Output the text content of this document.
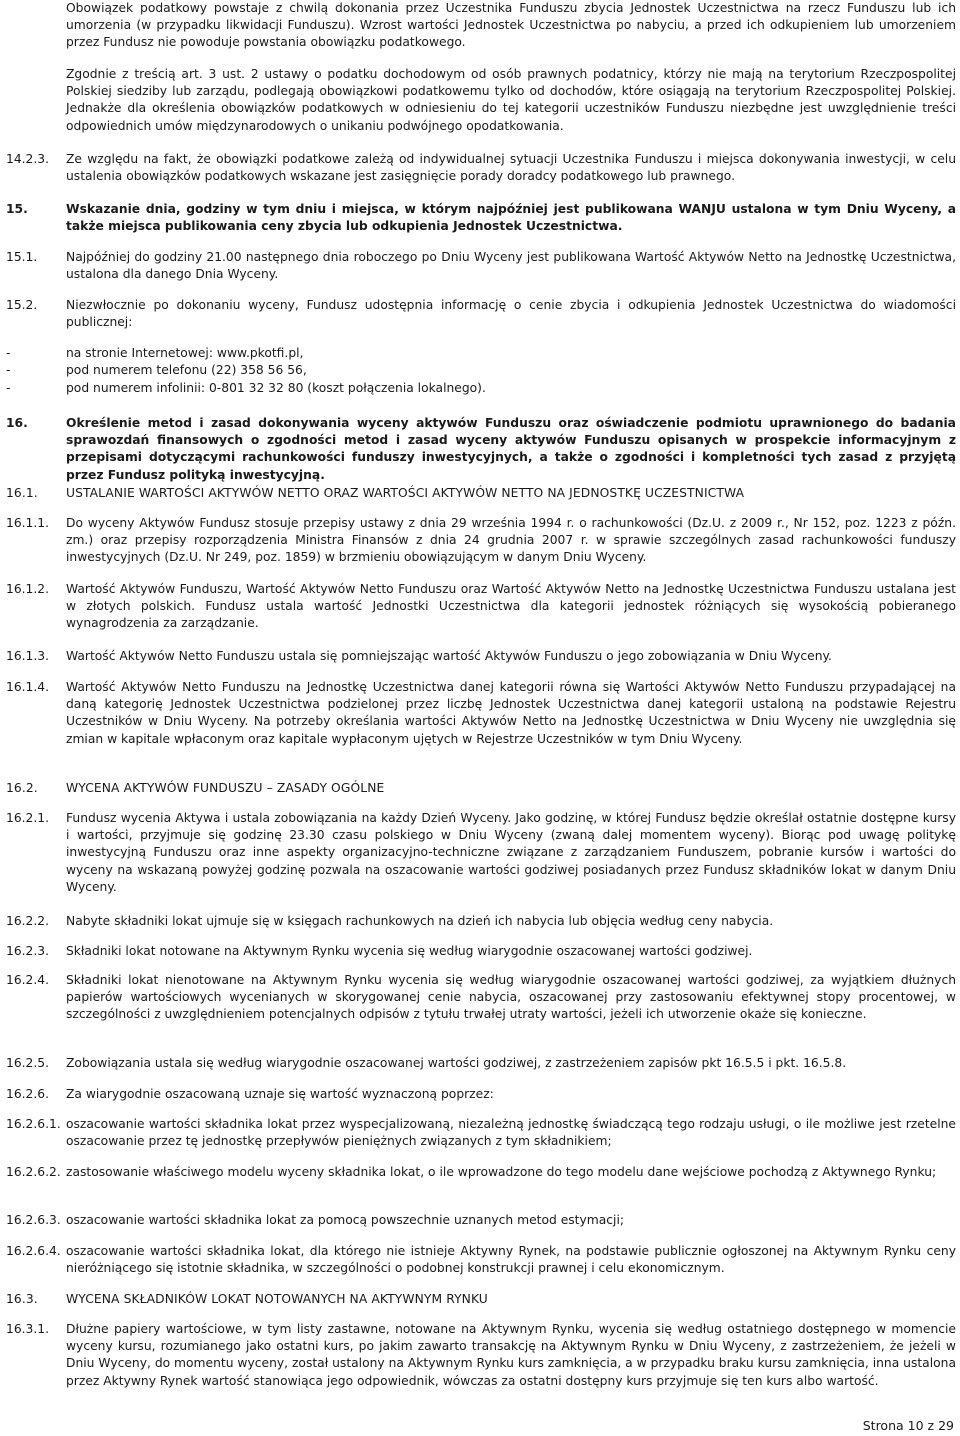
Obowiązek podatkowy powstaje z chwilą dokonania przez Uczestnika Funduszu zbycia Jednostek Uczestnictwa na rzecz Funduszu lub ich umorzenia (w przypadku likwidacji Funduszu). Wzrost wartości Jednostek Uczestnictwa po nabyciu, a przed ich odkupieniem lub umorzeniem przez Fundusz nie powoduje powstania obowiązku podatkowego.
Zgodnie z treścią art. 3 ust. 2 ustawy o podatku dochodowym od osób prawnych podatnicy, którzy nie mają na terytorium Rzeczpospolitej Polskiej siedziby lub zarządu, podlegają obowiązkowi podatkowemu tylko od dochodów, które osiągają na terytorium Rzeczpospolitej Polskiej. Jednakże dla określenia obowiązków podatkowych w odniesieniu do tej kategorii uczestników Funduszu niezbędne jest uwzględnienie treści odpowiednich umów międzynarodowych o unikaniu podwójnego opodatkowania.
14.2.3. Ze względu na fakt, że obowiązki podatkowe zależą od indywidualnej sytuacji Uczestnika Funduszu i miejsca dokonywania inwestycji, w celu ustalenia obowiązków podatkowych wskazane jest zasięgnięcie porady doradcy podatkowego lub prawnego.
15.	Wskazanie dnia, godziny w tym dniu i miejsca, w którym najpóźniej jest publikowana WANJU ustalona w tym Dniu Wyceny, a także miejsca publikowania ceny zbycia lub odkupienia Jednostek Uczestnictwa.
15.1. Najpóźniej do godziny 21.00 następnego dnia roboczego po Dniu Wyceny jest publikowana Wartość Aktywów Netto na Jednostkę Uczestnictwa, ustalona dla danego Dnia Wyceny.
15.2. Niezwłocznie po dokonaniu wyceny, Fundusz udostępnia informację o cenie zbycia i odkupienia Jednostek Uczestnictwa do wiadomości publicznej:
-	na stronie Internetowej: www.pkotfi.pl,
-	pod numerem telefonu (22) 358 56 56,
-	pod numerem infolinii: 0-801 32 32 80 (koszt połączenia lokalnego).
16.	Określenie metod i zasad dokonywania wyceny aktywów Funduszu oraz oświadczenie podmiotu uprawnionego do badania sprawozdań finansowych o zgodności metod i zasad wyceny aktywów Funduszu opisanych w prospekcie informacyjnym z przepisami dotyczącymi rachunkowości funduszy inwestycyjnych, a także o zgodności i kompletności tych zasad z przyjętą przez Fundusz polityką inwestycyjną.
16.1. USTALANIE WARTOŚCI AKTYWÓW NETTO ORAZ WARTOŚCI AKTYWÓW NETTO NA JEDNOSTKĘ UCZESTNICTWA
16.1.1. Do wyceny Aktywów Fundusz stosuje przepisy ustawy z dnia 29 września 1994 r. o rachunkowości (Dz.U. z 2009 r., Nr 152, poz. 1223 z późn. zm.) oraz przepisy rozporządzenia Ministra Finansów z dnia 24 grudnia 2007 r. w sprawie szczególnych zasad rachunkowości funduszy inwestycyjnych (Dz.U. Nr 249, poz. 1859) w brzmieniu obowiązującym w danym Dniu Wyceny.
16.1.2. Wartość Aktywów Funduszu, Wartość Aktywów Netto Funduszu oraz Wartość Aktywów Netto na Jednostkę Uczestnictwa Funduszu ustalana jest w złotych polskich. Fundusz ustala wartość Jednostki Uczestnictwa dla kategorii jednostek różniących się wysokością pobieranego wynagrodzenia za zarządzanie.
16.1.3. Wartość Aktywów Netto Funduszu ustala się pomniejszając wartość Aktywów Funduszu o jego zobowiązania w Dniu Wyceny.
16.1.4. Wartość Aktywów Netto Funduszu na Jednostkę Uczestnictwa danej kategorii równa się Wartości Aktywów Netto Funduszu przypadającej na daną kategorię Jednostek Uczestnictwa podzielonej przez liczbę Jednostek Uczestnictwa danej kategorii ustaloną na podstawie Rejestru Uczestników w Dniu Wyceny. Na potrzeby określania wartości Aktywów Netto na Jednostkę Uczestnictwa w Dniu Wyceny nie uwzględnia się zmian w kapitale wpłaconym oraz kapitale wypłaconym ujętych w Rejestrze Uczestników w tym Dniu Wyceny.
16.2. WYCENA AKTYWÓW FUNDUSZU – ZASADY OGÓLNE
16.2.1. Fundusz wycenia Aktywa i ustala zobowiązania na każdy Dzień Wyceny. Jako godzinę, w której Fundusz będzie określał ostatnie dostępne kursy i wartości, przyjmuje się godzinę 23.30 czasu polskiego w Dniu Wyceny (zwaną dalej momentem wyceny). Biorąc pod uwagę politykę inwestycyjną Funduszu oraz inne aspekty organizacyjno-techniczne związane z zarządzaniem Funduszem, pobranie kursów i wartości do wyceny na wskazaną powyżej godzinę pozwala na oszacowanie wartości godziwej posiadanych przez Fundusz składników lokat w danym Dniu Wyceny.
16.2.2. Nabyte składniki lokat ujmuje się w księgach rachunkowych na dzień ich nabycia lub objęcia według ceny nabycia.
16.2.3. Składniki lokat notowane na Aktywnym Rynku wycenia się według wiarygodnie oszacowanej wartości godziwej.
16.2.4. Składniki lokat nienotowane na Aktywnym Rynku wycenia się według wiarygodnie oszacowanej wartości godziwej, za wyjątkiem dłużnych papierów wartościowych wycenianych w skorygowanej cenie nabycia, oszacowanej przy zastosowaniu efektywnej stopy procentowej, w szczególności z uwzględnieniem potencjalnych odpisów z tytułu trwałej utraty wartości, jeżeli ich utworzenie okaże się konieczne.
16.2.5. Zobowiązania ustala się według wiarygodnie oszacowanej wartości godziwej, z zastrzeżeniem zapisów pkt 16.5.5 i pkt. 16.5.8.
16.2.6. Za wiarygodnie oszacowaną uznaje się wartość wyznaczoną poprzez:
16.2.6.1. oszacowanie wartości składnika lokat przez wyspecjalizowaną, niezależną jednostkę świadczącą tego rodzaju usługi, o ile możliwe jest rzetelne oszacowanie przez tę jednostkę przepływów pieniężnych związanych z tym składnikiem;
16.2.6.2. zastosowanie właściwego modelu wyceny składnika lokat, o ile wprowadzone do tego modelu dane wejściowe pochodzą z Aktywnego Rynku;
16.2.6.3. oszacowanie wartości składnika lokat za pomocą powszechnie uznanych metod estymacji;
16.2.6.4. oszacowanie wartości składnika lokat, dla którego nie istnieje Aktywny Rynek, na podstawie publicznie ogłoszonej na Aktywnym Rynku ceny nieróżniącego się istotnie składnika, w szczególności o podobnej konstrukcji prawnej i celu ekonomicznym.
16.3. WYCENA SKŁADNIKÓW LOKAT NOTOWANYCH NA AKTYWNYM RYNKU
16.3.1. Dłużne papiery wartościowe, w tym listy zastawne, notowane na Aktywnym Rynku, wycenia się według ostatniego dostępnego w momencie wyceny kursu, rozumianego jako ostatni kurs, po jakim zawarto transakcję na Aktywnym Rynku w Dniu Wyceny, z zastrzeżeniem, że jeżeli w Dniu Wyceny, do momentu wyceny, został ustalony na Aktywnym Rynku kurs zamknięcia, a w przypadku braku kursu zamknięcia, inna ustalona przez Aktywny Rynek wartość stanowiąca jego odpowiednik, wówczas za ostatni dostępny kurs przyjmuje się ten kurs albo wartość.
Strona 10 z 29
